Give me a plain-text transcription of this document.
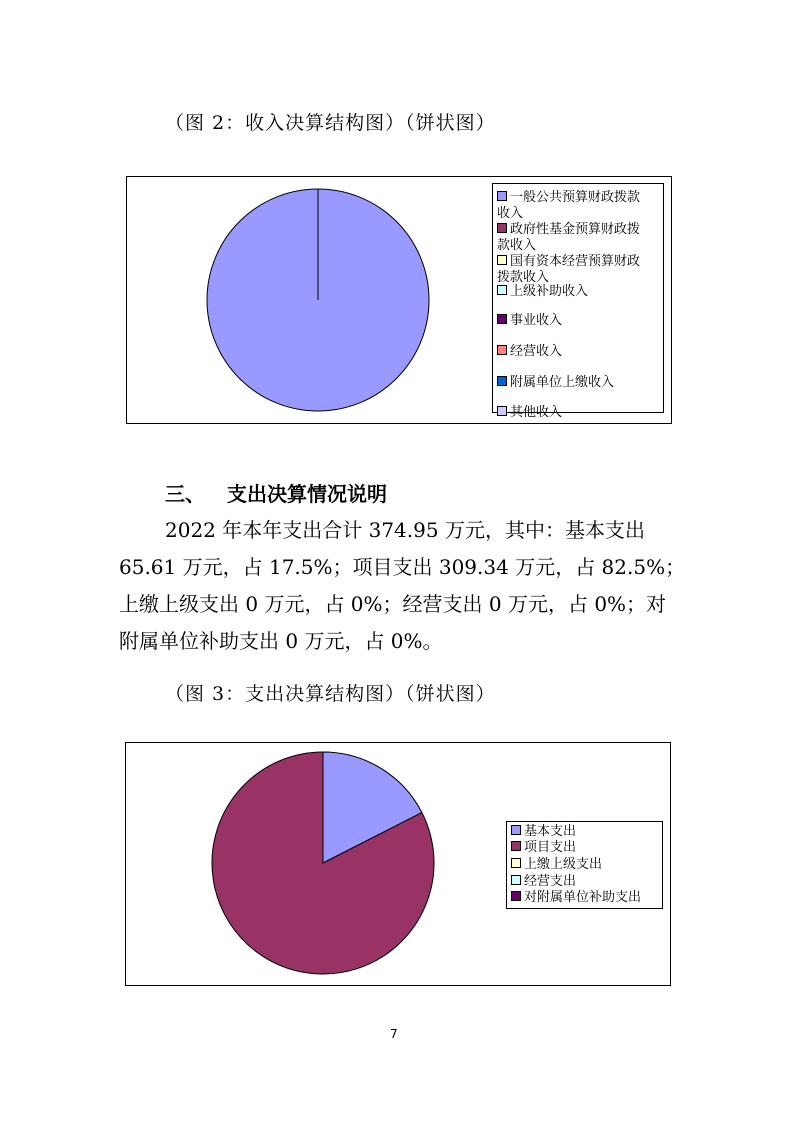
（图 2：收入决算结构图）（饼状图）
一般公共预算财政拨款
收入
政府性基金预算财政拨
款收入
国有资本经营预算财政
拨款收入
上级补助收入
事业收入
经营收入
附属单位上缴收入
其他收入
三、 支出决算情况说明
2022 年本年支出合计 374.95 万元，其中：基本支出
65.61 万元，占 17.5%；项目支出 309.34 万元，占 82.5%；
上缴上级支出 0 万元，占 0%；经营支出 0 万元，占 0%；对
附属单位补助支出 0 万元，占 0%。
（图 3：支出决算结构图）（饼状图）
基本支出
项目支出
上缴上级支出
经营支出
对附属单位补助支出
7
